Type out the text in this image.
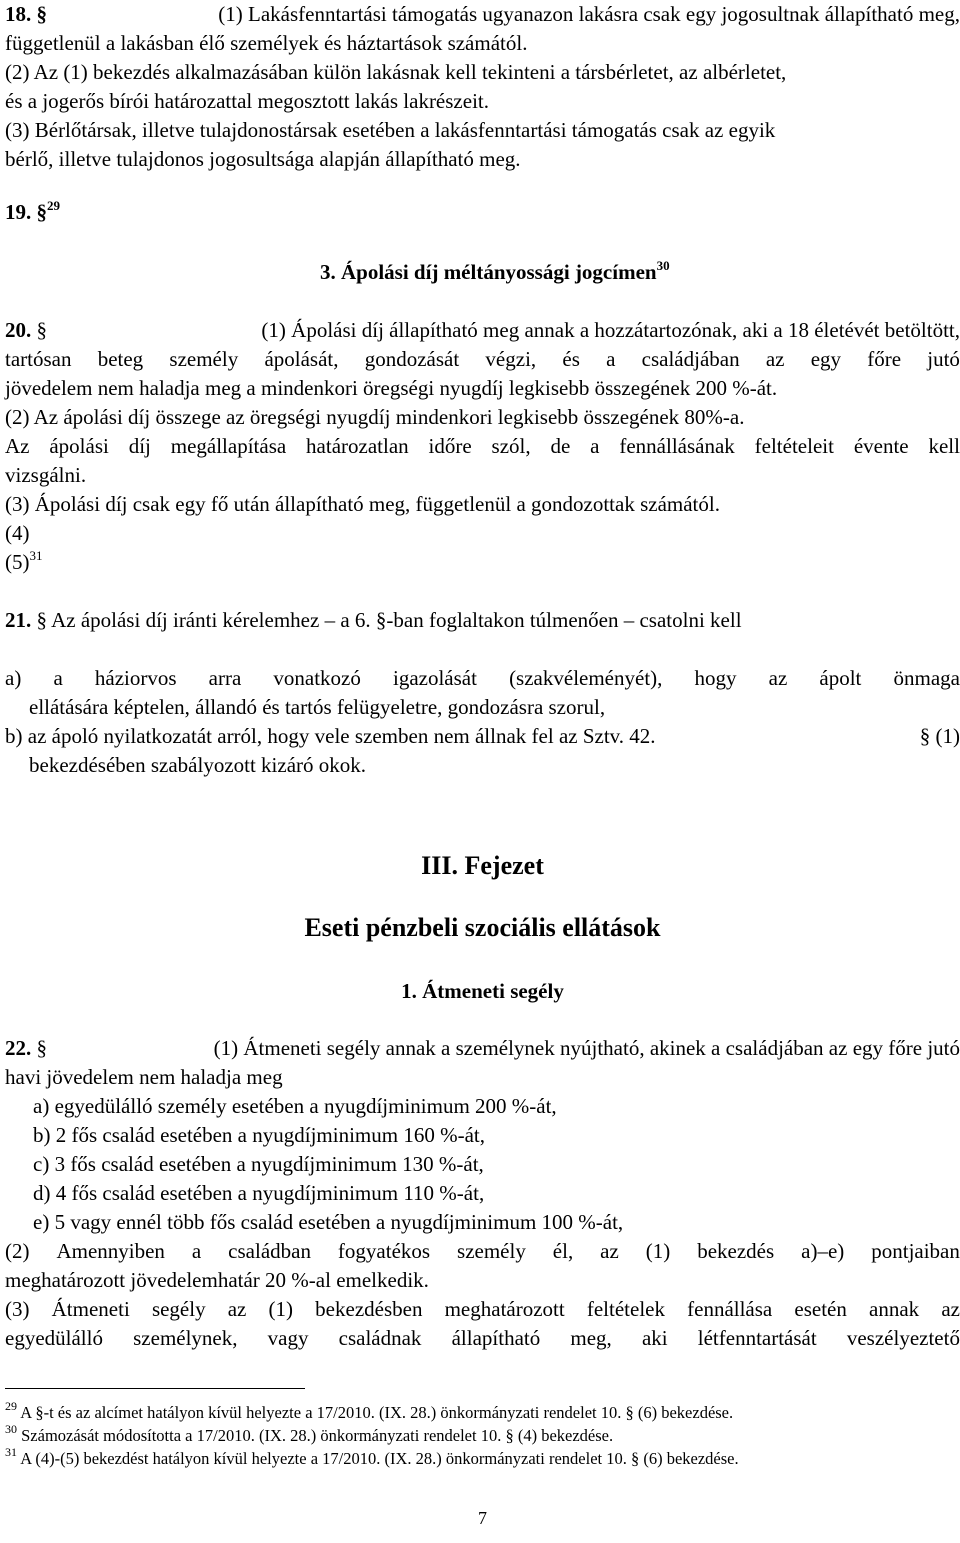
18. §	(1) Lakásfenntartási támogatás ugyanazon lakásra csak egy jogosultnak állapítható meg,
függetlenül a lakásban élő személyek és háztartások számától.
(2) Az (1) bekezdés alkalmazásában külön lakásnak kell tekinteni a társbérletet, az albérletet,
és a jogerős bírói határozattal megosztott lakás lakrészeit.
(3) Bérlőtársak, illetve tulajdonostársak esetében a lakásfenntartási támogatás csak az egyik
bérlő, illetve tulajdonos jogosultsága alapján állapítható meg.
19. §$^{29}$
3. Ápolási díj méltányossági jogcímen$^{30}$
20. §	(1) Ápolási díj állapítható meg annak a hozzátartozónak, aki a 18 életévét betöltött,
tartósan beteg személy ápolását, gondozását végzi, és a családjában az egy főre jutó
jövedelem nem haladja meg a mindenkori öregségi nyugdíj legkisebb összegének 200 %-át.
(2) Az ápolási díj összege az öregségi nyugdíj mindenkori legkisebb összegének 80%-a.
Az ápolási díj megállapítása határozatlan időre szól, de a fennállásának feltételeit évente kell
vizsgálni.
(3) Ápolási díj csak egy fő után állapítható meg, függetlenül a gondozottak számától.
(4)
$(5)^{31}$
21. § Az ápolási díj iránti kérelemhez – a 6. §-ban foglaltakon túlmenően – csatolni kell
a) a háziorvos arra vonatkozó igazolását (szakvéleményét), hogy az ápolt önmaga
ellátására képtelen, állandó és tartós felügyeletre, gondozásra szorul,
b) az ápoló nyilatkozatát arról, hogy vele szemben nem állnak fel az Sztv. 42.	§ (1)
bekezdésében szabályozott kizáró okok.
III. Fejezet
Eseti pénzbeli szociális ellátások
1. Átmeneti segély
22. §	(1) Átmeneti segély annak a személynek nyújtható, akinek a családjában az egy főre jutó
havi jövedelem nem haladja meg
a) egyedülálló személy esetében a nyugdíjminimum 200 %-át,
b) 2 fős család esetében a nyugdíjminimum 160 %-át,
c) 3 fős család esetében a nyugdíjminimum 130 %-át,
d) 4 fős család esetében a nyugdíjminimum 110 %-át,
e) 5 vagy ennél több fős család esetében a nyugdíjminimum 100 %-át,
(2) Amennyiben a családban fogyatékos személy él, az (1) bekezdés a)–e) pontjaiban
meghatározott jövedelemhatár 20 %-al emelkedik.
(3) Átmeneti segély az (1) bekezdésben meghatározott feltételek fennállása esetén annak az
egyedülálló személynek, vagy családnak állapítható meg, aki létfenntartását veszélyeztető
$^{29}$ A §-t és az alcímet hatályon kívül helyezte a 17/2010. (IX. 28.) önkormányzati rendelet 10. § (6) bekezdése.
$^{30}$ Számozását módosította a 17/2010. (IX. 28.) önkormányzati rendelet 10. § (4) bekezdése.
$^{31}$ A (4)-(5) bekezdést hatályon kívül helyezte a 17/2010. (IX. 28.) önkormányzati rendelet 10. § (6) bekezdése.
7
